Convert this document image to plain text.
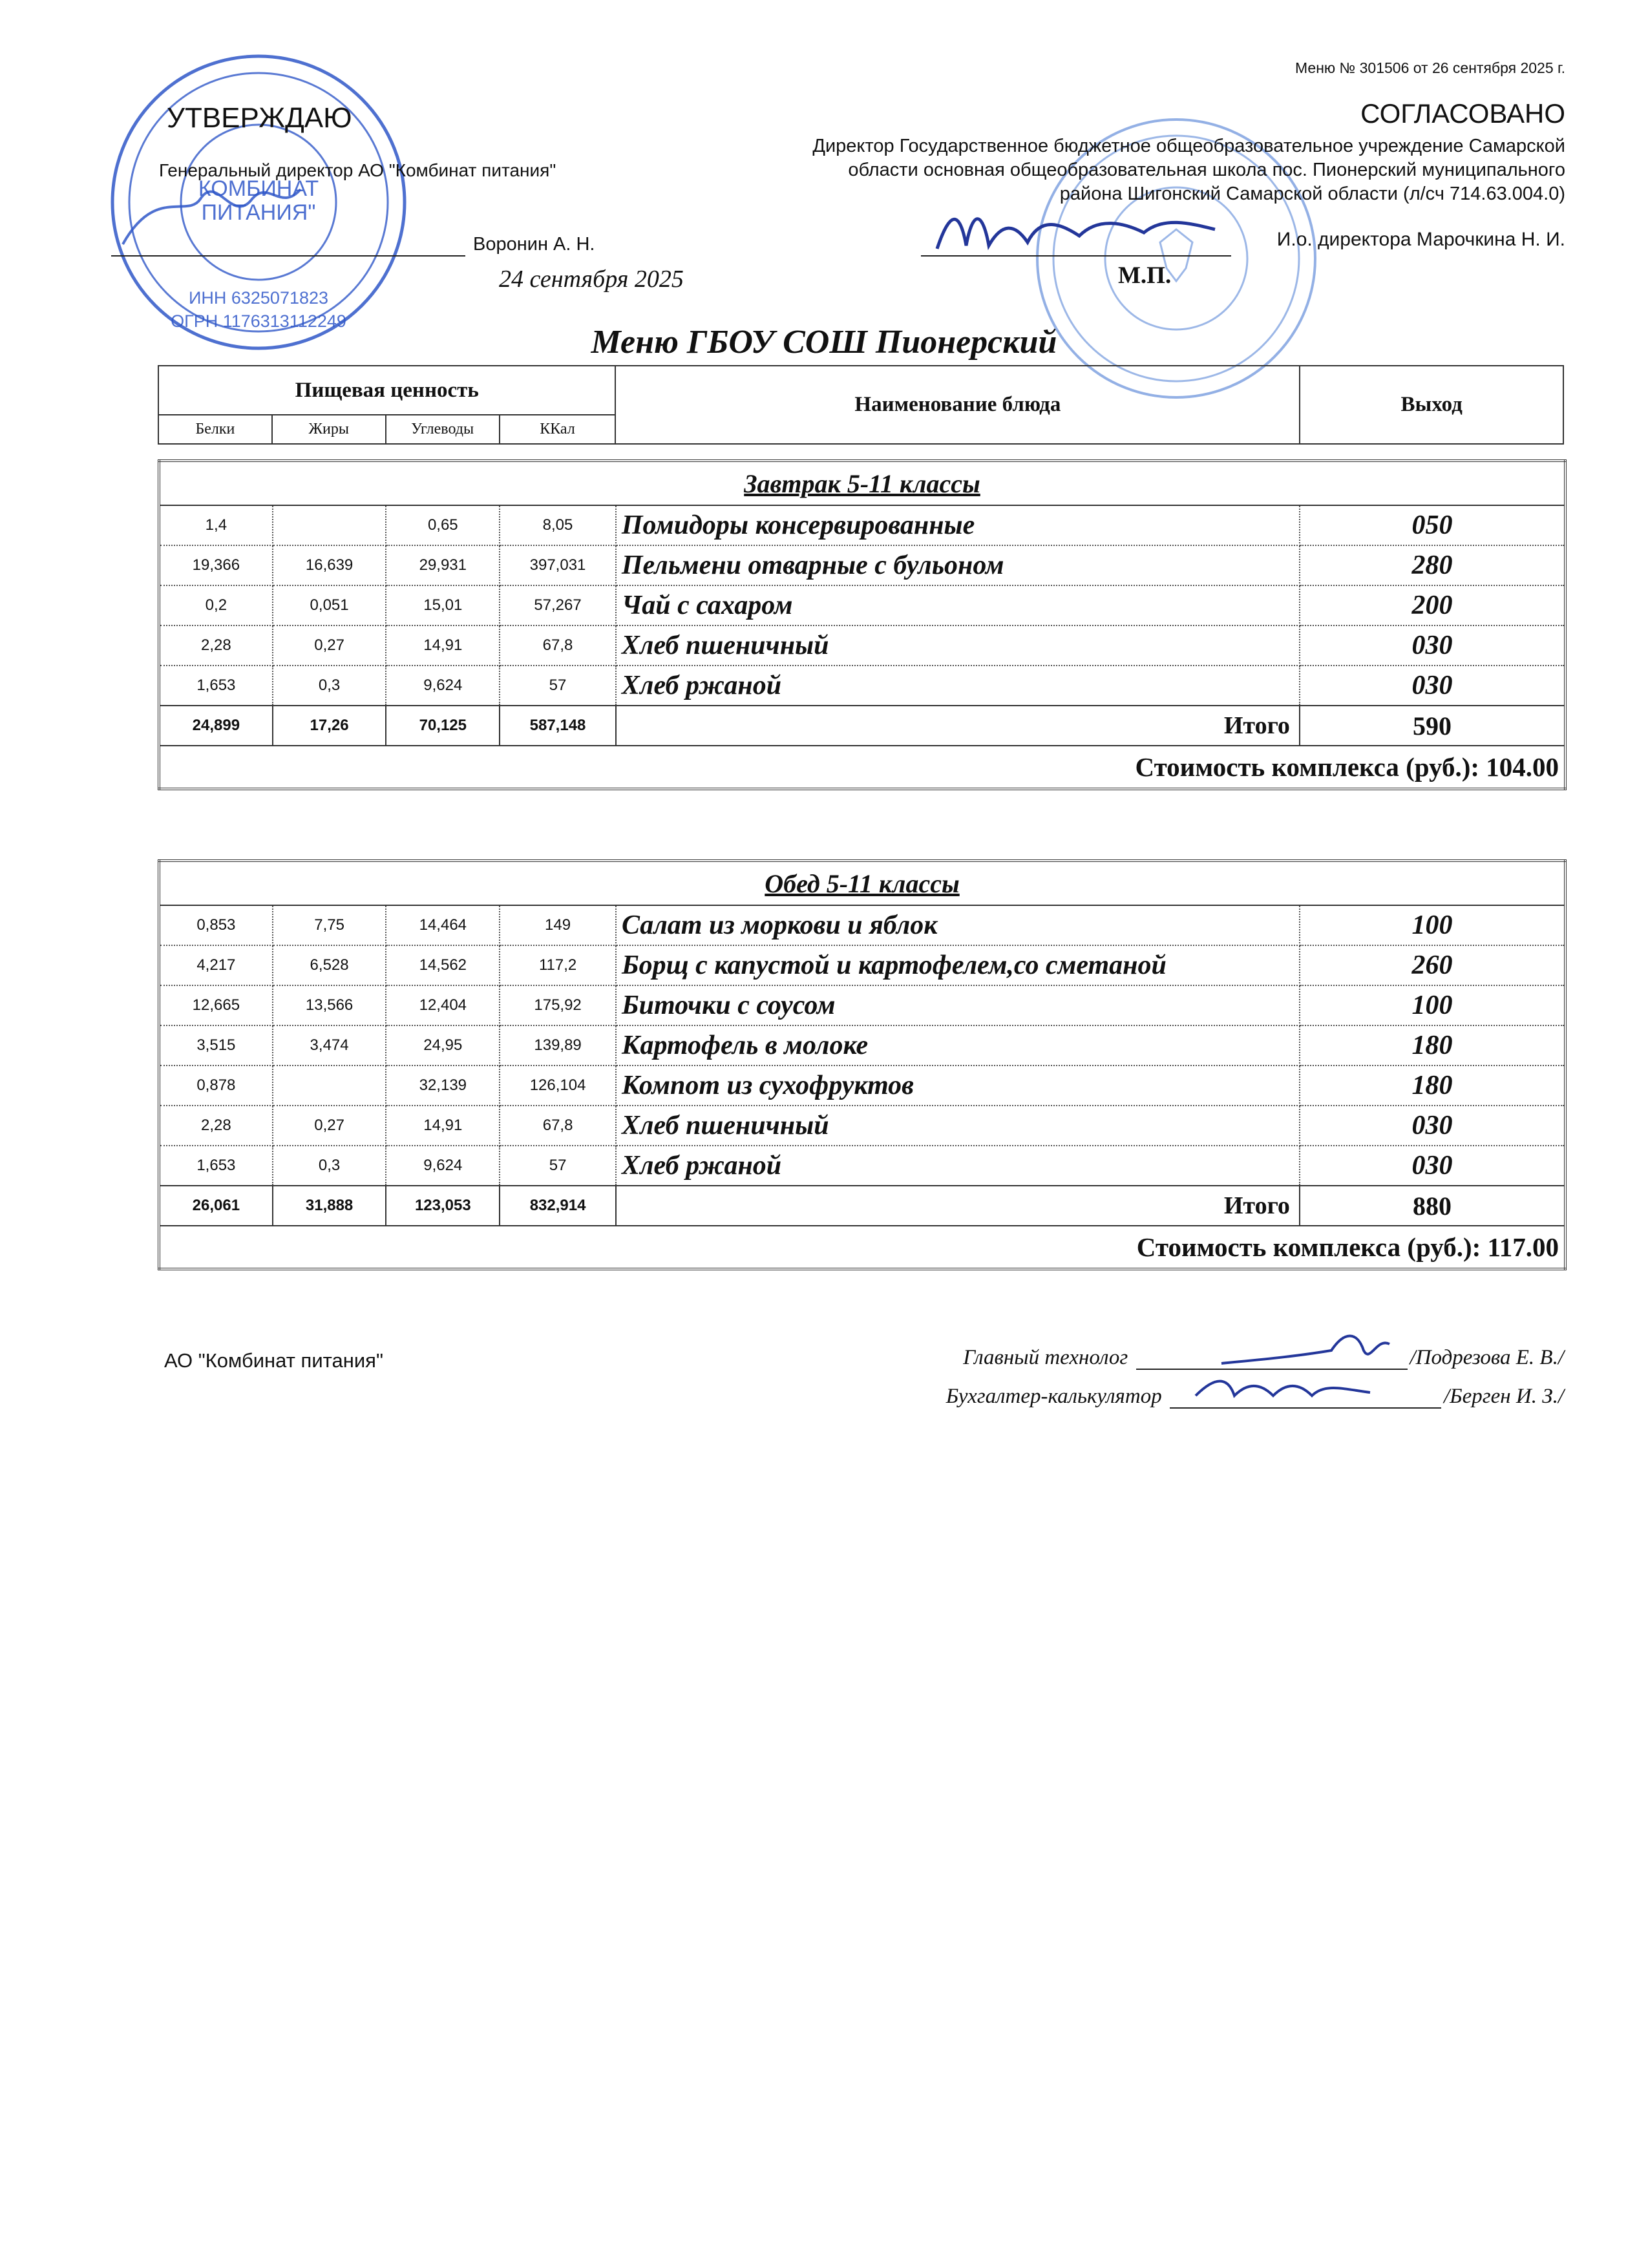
КОМБИНАТ
ПИТАНИЯ"
ИНН 6325071823
ОГРН 1176313112249
Меню № 301506 от 26 сентября 2025 г.
УТВЕРЖДАЮ
Генеральный директор АО "Комбинат питания"
Воронин А. Н.
24 сентября 2025
СОГЛАСОВАНО
Директор Государственное бюджетное общеобразовательное учреждение Самарской
области основная общеобразовательная школа пос. Пионерский муниципального
района Шигонский Самарской области (л/сч 714.63.004.0)
И.о. директора Марочкина Н. И.
М.П.
Меню ГБОУ СОШ Пионерский
Пищевая ценность				Наименование блюда	Выход
Белки	Жиры	Углеводы	ККал		
Завтрак 5-11 классы					
1,4		0,65	8,05	Помидоры консервированные	050
19,366	16,639	29,931	397,031	Пельмени отварные с бульоном	280
0,2	0,051	15,01	57,267	Чай с сахаром	200
2,28	0,27	14,91	67,8	Хлеб пшеничный	030
1,653	0,3	9,624	57	Хлеб ржаной	030
24,899	17,26	70,125	587,148	Итого	590
Стоимость комплекса (руб.): 104.00					
Обед 5-11 классы					
0,853	7,75	14,464	149	Салат из моркови и яблок	100
4,217	6,528	14,562	117,2	Борщ с капустой и картофелем,со сметаной	260
12,665	13,566	12,404	175,92	Биточки с соусом	100
3,515	3,474	24,95	139,89	Картофель в молоке	180
0,878		32,139	126,104	Компот из сухофруктов	180
2,28	0,27	14,91	67,8	Хлеб пшеничный	030
1,653	0,3	9,624	57	Хлеб ржаной	030
26,061	31,888	123,053	832,914	Итого	880
Стоимость комплекса (руб.): 117.00					
АО "Комбинат питания"	Главный технолог	/Подрезова Е. В./
Бухгалтер-калькулятор	/Берген И. З./
